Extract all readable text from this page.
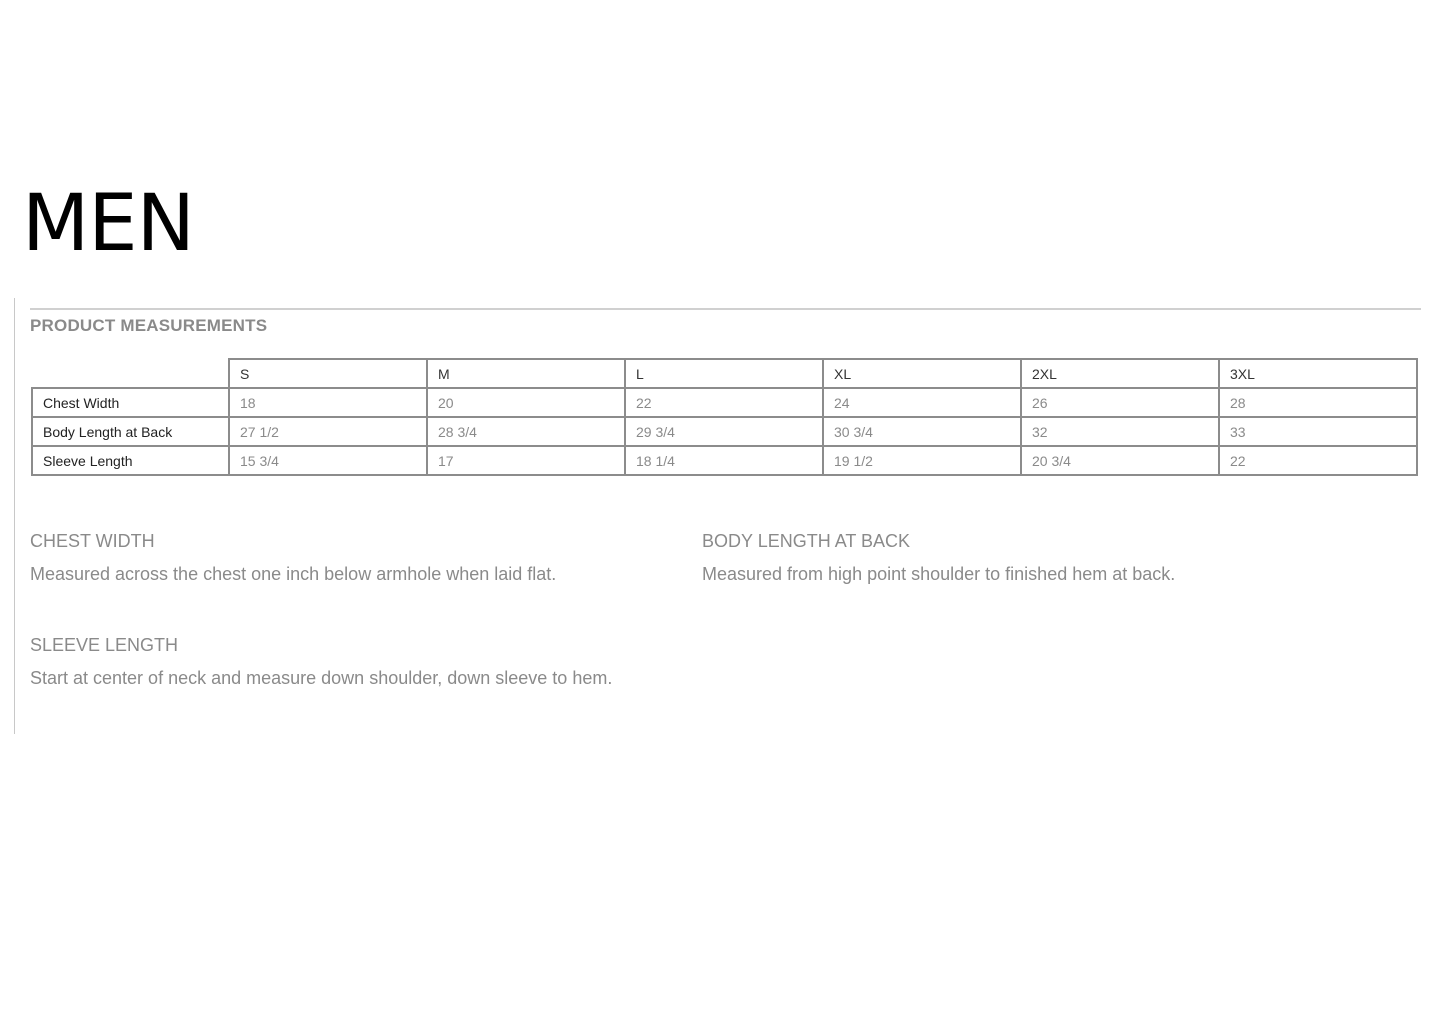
MEN
PRODUCT MEASUREMENTS
	S	M	L	XL	2XL	3XL
Chest Width	18	20	22	24	26	28
Body Length at Back	27 1/2	28 3/4	29 3/4	30 3/4	32	33
Sleeve Length	15 3/4	17	18 1/4	19 1/2	20 3/4	22
CHEST WIDTH
Measured across the chest one inch below armhole when laid flat.
BODY LENGTH AT BACK
Measured from high point shoulder to finished hem at back.
SLEEVE LENGTH
Start at center of neck and measure down shoulder, down sleeve to hem.
